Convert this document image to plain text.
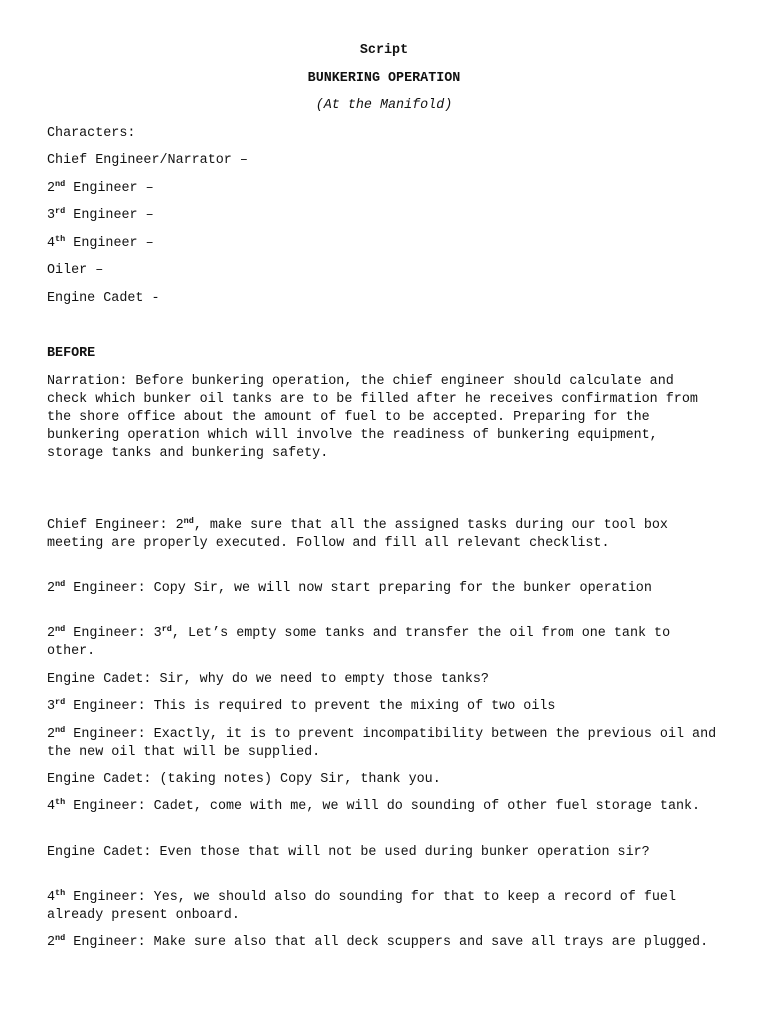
Script
BUNKERING OPERATION
(At the Manifold)
Characters:
Chief Engineer/Narrator –
2nd Engineer –
3rd Engineer –
4th Engineer –
Oiler –
Engine Cadet -
BEFORE
Narration: Before bunkering operation, the chief engineer should calculate and check which bunker oil tanks are to be filled after he receives confirmation from the shore office about the amount of fuel to be accepted. Preparing for the bunkering operation which will involve the readiness of bunkering equipment, storage tanks and bunkering safety.
Chief Engineer: 2nd, make sure that all the assigned tasks during our tool box meeting are properly executed. Follow and fill all relevant checklist.
2nd Engineer: Copy Sir, we will now start preparing for the bunker operation
2nd Engineer: 3rd, Let’s empty some tanks and transfer the oil from one tank to other.
Engine Cadet: Sir, why do we need to empty those tanks?
3rd Engineer: This is required to prevent the mixing of two oils
2nd Engineer: Exactly, it is to prevent incompatibility between the previous oil and the new oil that will be supplied.
Engine Cadet: (taking notes) Copy Sir, thank you.
4th Engineer: Cadet, come with me, we will do sounding of other fuel storage tank.
Engine Cadet: Even those that will not be used during bunker operation sir?
4th Engineer: Yes, we should also do sounding for that to keep a record of fuel already present onboard.
2nd Engineer: Make sure also that all deck scuppers and save all trays are plugged.
